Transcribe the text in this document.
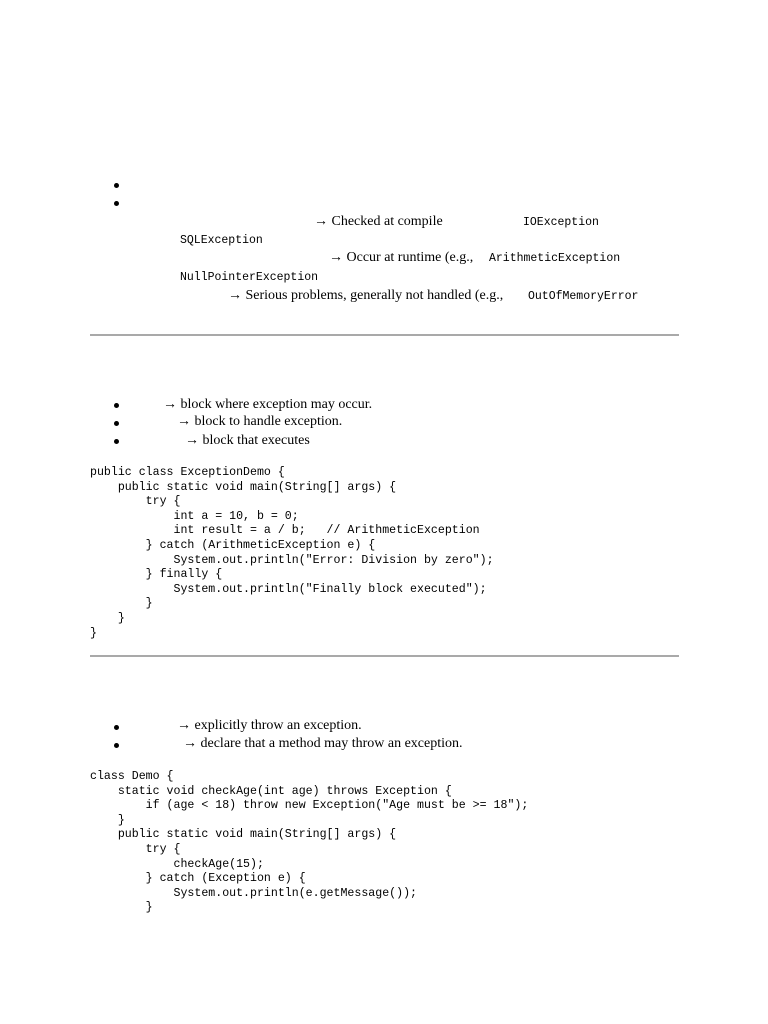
→ Checked at compile	IOException
SQLException
→ Occur at runtime (e.g., ArithmeticException
NullPointerException
→ Serious problems, generally not handled (e.g., OutOfMemoryError
→ block where exception may occur.
→ block to handle exception.
→ block that executes
public class ExceptionDemo {
public static void main(String[] args) {
try {
int a = 10, b = 0;
int result = a / b;   // ArithmeticException
} catch (ArithmeticException e) {
System.out.println("Error: Division by zero");
} finally {
System.out.println("Finally block executed");
}
}
}
→ explicitly throw an exception.
→ declare that a method may throw an exception.
class Demo {
static void checkAge(int age) throws Exception {
if (age < 18) throw new Exception("Age must be >= 18");
}
public static void main(String[] args) {
try {
checkAge(15);
} catch (Exception e) {
System.out.println(e.getMessage());
}
